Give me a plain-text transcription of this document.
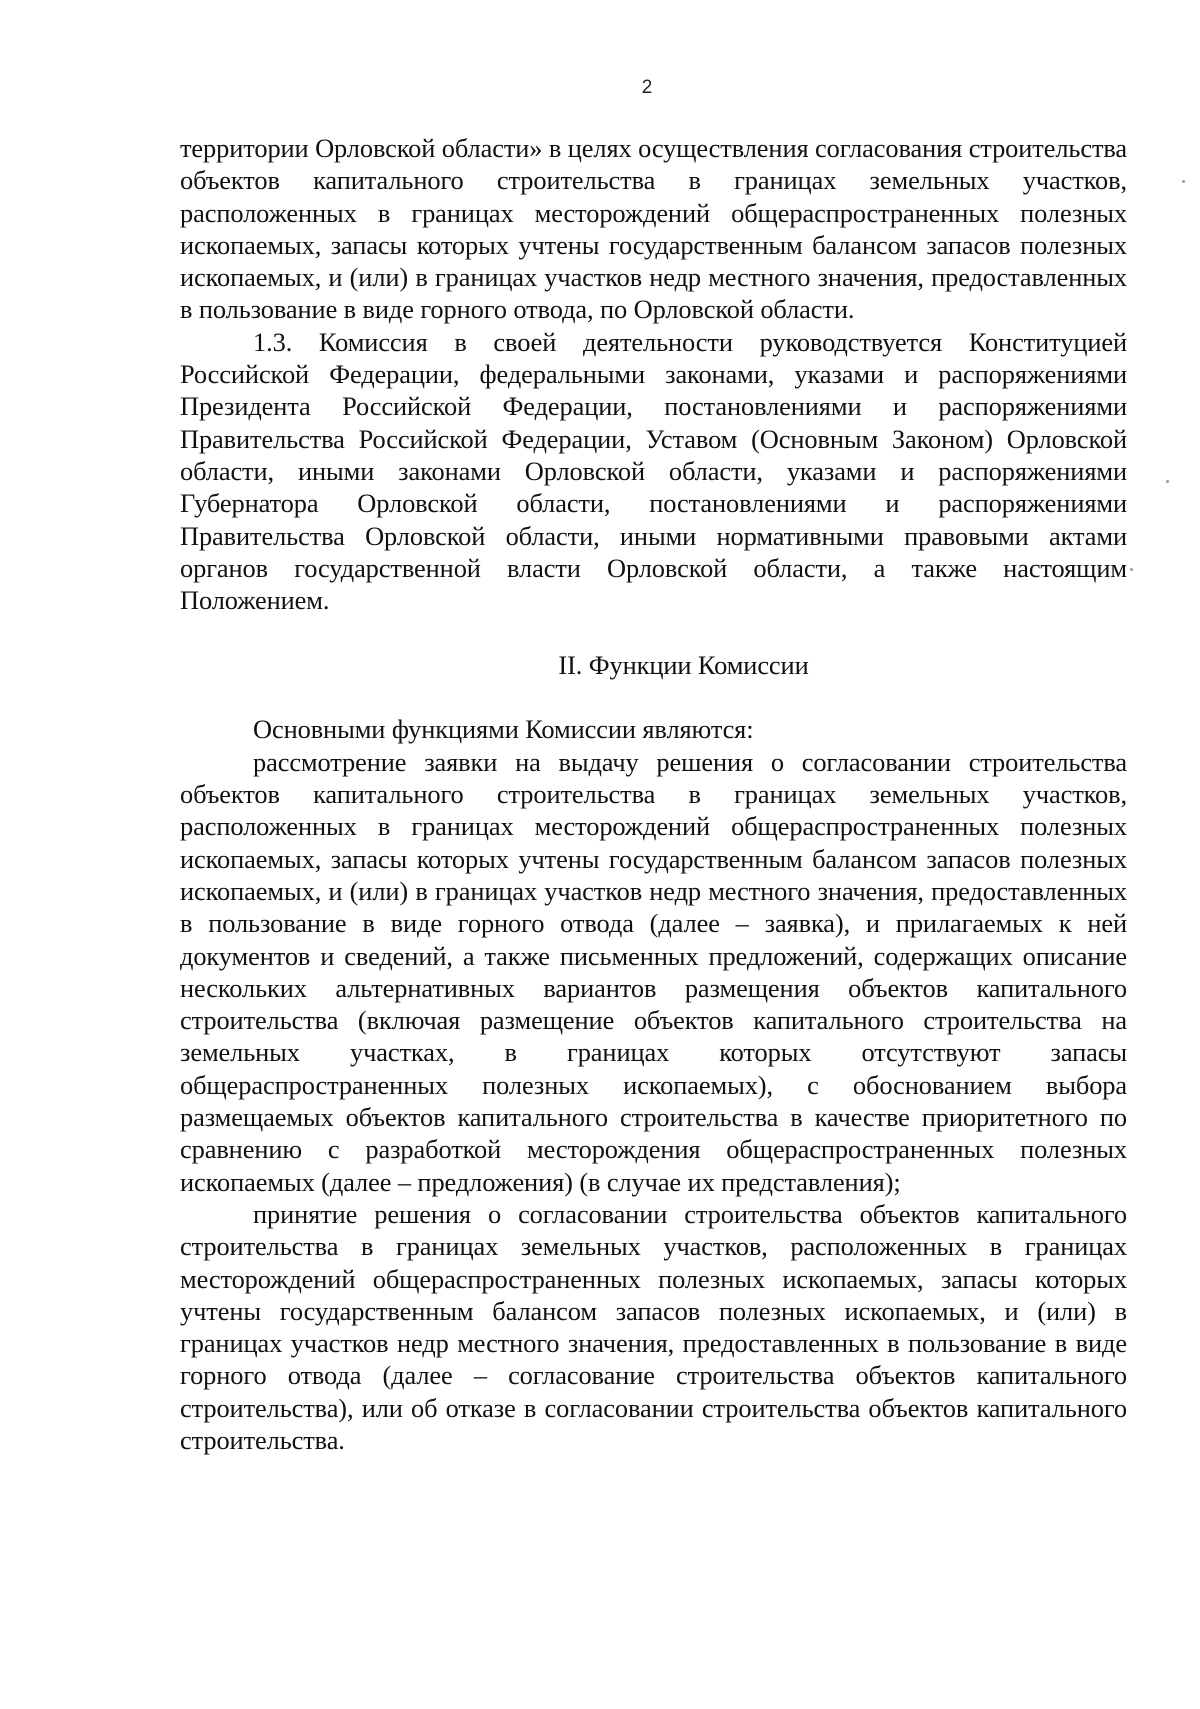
2

территории Орловской области» в целях осуществления согласования строительства объектов капитального строительства в границах земельных участков, расположенных в границах месторождений общераспространенных полезных ископаемых, запасы которых учтены государственным балансом запасов полезных ископаемых, и (или) в границах участков недр местного значения, предоставленных в пользование в виде горного отвода, по Орловской области.

1.3. Комиссия в своей деятельности руководствуется Конституцией Российской Федерации, федеральными законами, указами и распоряжениями Президента Российской Федерации, постановлениями и распоряжениями Правительства Российской Федерации, Уставом (Основным Законом) Орловской области, иными законами Орловской области, указами и распоряжениями Губернатора Орловской области, постановлениями и распоряжениями Правительства Орловской области, иными нормативными правовыми актами органов государственной власти Орловской области, а также настоящим Положением.

II. Функции Комиссии

Основными функциями Комиссии являются:

рассмотрение заявки на выдачу решения о согласовании строительства объектов капитального строительства в границах земельных участков, расположенных в границах месторождений общераспространенных полезных ископаемых, запасы которых учтены государственным балансом запасов полезных ископаемых, и (или) в границах участков недр местного значения, предоставленных в пользование в виде горного отвода (далее – заявка), и прилагаемых к ней документов и сведений, а также письменных предложений, содержащих описание нескольких альтернативных вариантов размещения объектов капитального строительства (включая размещение объектов капитального строительства на земельных участках, в границах которых отсутствуют запасы общераспространенных полезных ископаемых), с обоснованием выбора размещаемых объектов капитального строительства в качестве приоритетного по сравнению с разработкой месторождения общераспространенных полезных ископаемых (далее – предложения) (в случае их представления);

принятие решения о согласовании строительства объектов капитального строительства в границах земельных участков, расположенных в границах месторождений общераспространенных полезных ископаемых, запасы которых учтены государственным балансом запасов полезных ископаемых, и (или) в границах участков недр местного значения, предоставленных в пользование в виде горного отвода (далее – согласование строительства объектов капитального строительства), или об отказе в согласовании строительства объектов капитального строительства.
